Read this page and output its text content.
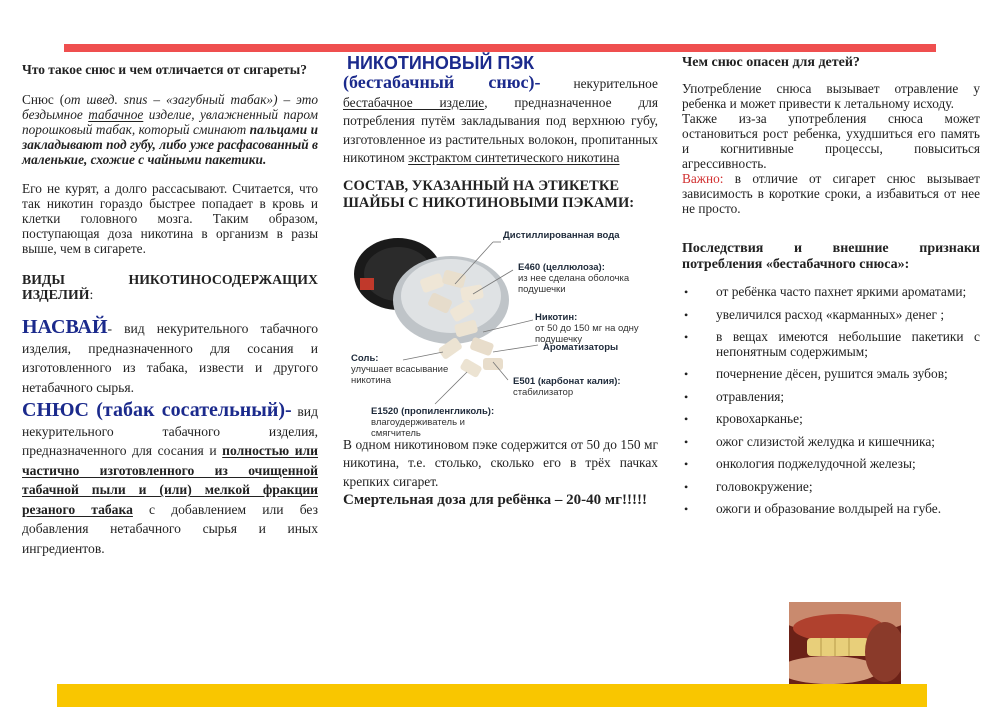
Что такое снюс и чем отличается от сигареты?

Снюс (от швед. snus – «загубный табак») – это бездымное табачное изделие, увлажненный паром порошковый табак, который сминают пальцами и закладывают под губу, либо уже расфасованный в маленькие, схожие с чайными пакетики.

Его не курят, а долго рассасывают. Считается, что так никотин гораздо быстрее попадает в кровь и клетки головного мозга. Таким образом, поступающая доза никотина в организм в разы выше, чем в сигарете.

ВИДЫ НИКОТИНОСОДЕРЖАЩИХ ИЗДЕЛИЙ:

НАСВАЙ- вид некурительного табачного изделия, предназначенного для сосания и изготовленного из табака, извести и другого нетабачного сырья.

СНЮС (табак сосательный)- вид некурительного табачного изделия, предназначенного для сосания и полностью или частично изготовленного из очищенной табачной пыли и (или) мелкой фракции резаного табака с добавлением или без добавления нетабачного сырья и иных ингредиентов.

НИКОТИНОВЫЙ ПЭК

(бестабачный снюс)- некурительное бестабачное изделие, предназначенное для потребления путём закладывания под верхнюю губу, изготовленное из растительных волокон, пропитанных никотином экстрактом синтетического никотина

СОСТАВ, УКАЗАННЫЙ НА ЭТИКЕТКЕ ШАЙБЫ С НИКОТИНОВЫМИ ПЭКАМИ:

Дистиллированная вода
Е460 (целлюлоза):
из нее сделана оболочка подушечки
Никотин:
от 50 до 150 мг на одну подушечку
Ароматизаторы
Соль:
улучшает всасывание никотина	Е501 (карбонат калия):
стабилизатор
Е1520 (пропиленгликоль):
влагоудерживатель и смягчитель

В одном никотиновом пэке содержится от 50 до 150 мг никотина, т.е. столько, сколько его в трёх пачках крепких сигарет.

Смертельная доза для ребёнка – 20-40 мг!!!!!

Чем снюс опасен для детей?

Употребление снюса вызывает отравление у ребенка и может привести к летальному исходу.

Также из-за употребления снюса может остановиться рост ребенка, ухудшиться его память и когнитивные процессы, повыситься агрессивность.

Важно: в отличие от сигарет снюс вызывает зависимость в короткие сроки, а избавиться от нее не просто.

Последствия и внешние признаки потребления «бестабачного снюса»:

• от ребёнка часто пахнет яркими ароматами;
• увеличился расход «карманных» денег ;
• в вещах имеются небольшие пакетики с непонятным содержимым;
• почернение дёсен, рушится эмаль зубов;
• отравления;
• кровохарканье;
• ожог слизистой желудка и кишечника;
• онкология поджелудочной железы;
• головокружение;
• ожоги и образование волдырей на губе.
